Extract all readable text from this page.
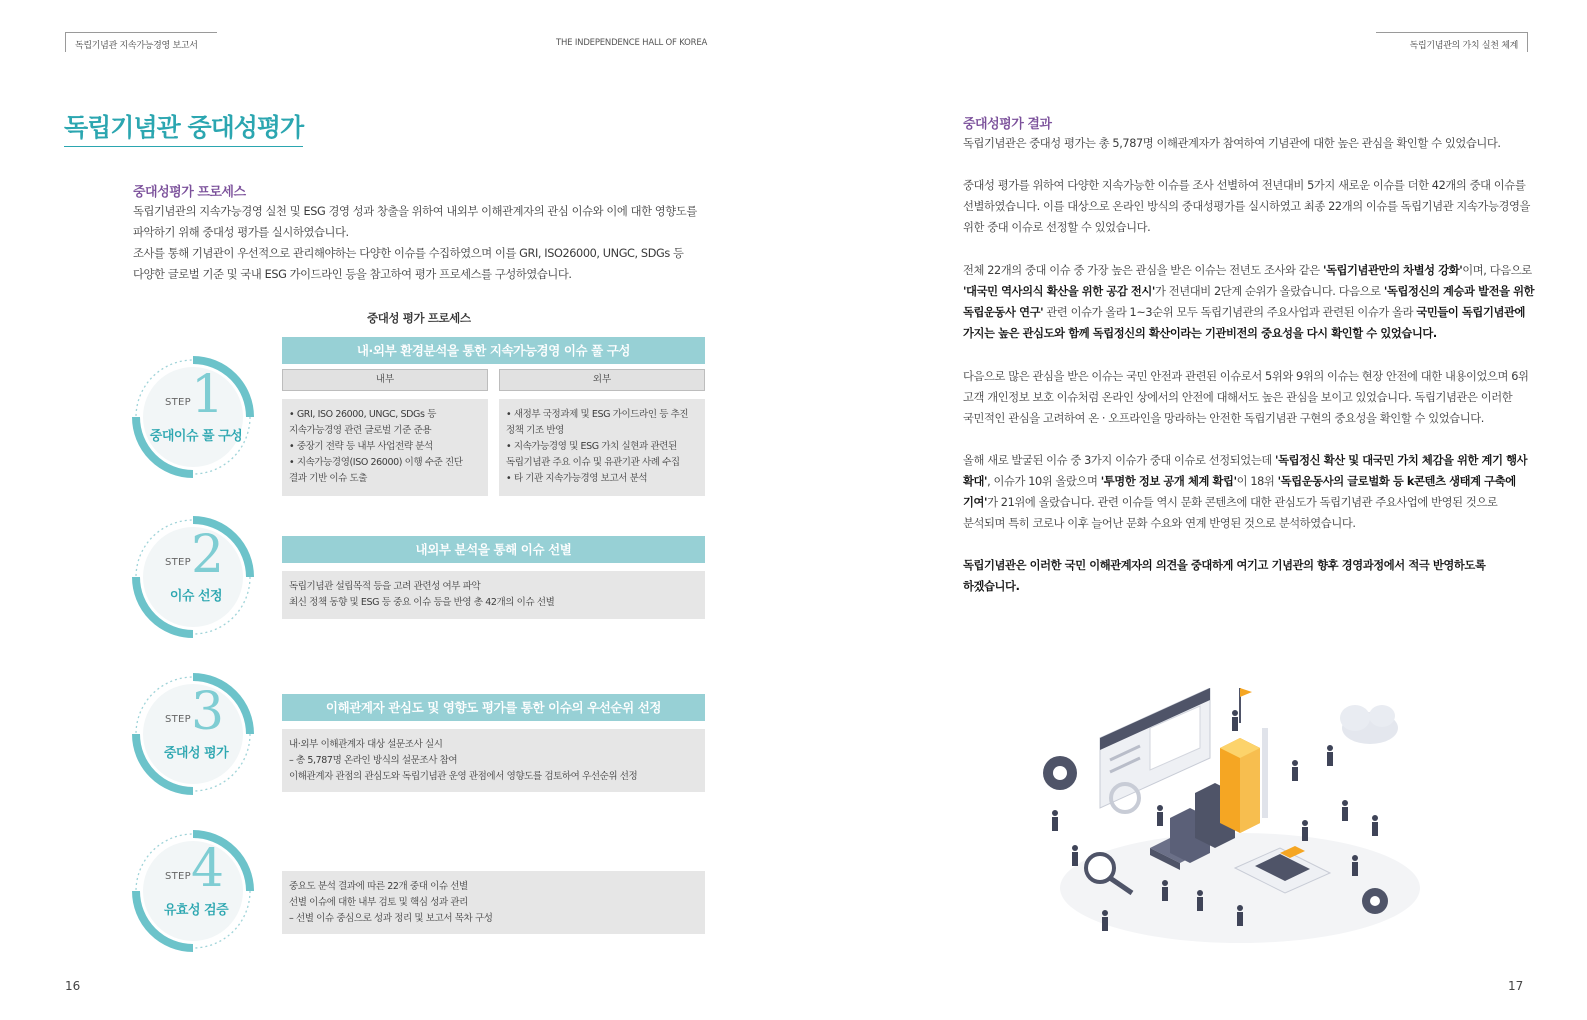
독립기념관 지속가능경영 보고서	THE INDEPENDENCE HALL OF KOREA	독립기념관의 가치 실천 체계
독립기념관 중대성평가
중대성평가 프로세스
독립기념관의 지속가능경영 실천 및 ESG 경영 성과 창출을 위하여 내외부 이해관계자의 관심 이슈와 이에 대한 영향도를
파악하기 위해 중대성 평가를 실시하였습니다.
조사를 통해 기념관이 우선적으로 관리해야하는 다양한 이슈를 수집하였으며 이를 GRI, ISO26000, UNGC, SDGs 등
다양한 글로벌 기준 및 국내 ESG 가이드라인 등을 참고하여 평가 프로세스를 구성하였습니다.
중대성 평가 프로세스
STEP 1
중대이슈 풀 구성
내·외부 환경분석을 통한 지속가능경영 이슈 풀 구성
내부	외부
• GRI, ISO 26000, UNGC, SDGs 등
지속가능경영 관련 글로벌 기준 준용
• 중장기 전략 등 내부 사업전략 분석
• 지속가능경영(ISO 26000) 이행 수준 진단
결과 기반 이슈 도출
• 새정부 국정과제 및 ESG 가이드라인 등 추진
정책 기조 반영
• 지속가능경영 및 ESG 가치 실현과 관련된
독립기념관 주요 이슈 및 유관기관 사례 수집
• 타 기관 지속가능경영 보고서 분석
STEP 2
이슈 선정
내외부 분석을 통해 이슈 선별
독립기념관 설립목적 등을 고려 관련성 여부 파악
최신 정책 동향 및 ESG 등 중요 이슈 등을 반영 총 42개의 이슈 선별
STEP 3
중대성 평가
이해관계자 관심도 및 영향도 평가를 통한 이슈의 우선순위 선정
내·외부 이해관계자 대상 설문조사 실시
– 총 5,787명 온라인 방식의 설문조사 참여
이해관계자 관점의 관심도와 독립기념관 운영 관점에서 영향도를 검토하여 우선순위 선정
STEP 4
유효성 검증
중요도 분석 결과에 따른 22개 중대 이슈 선별
선별 이슈에 대한 내부 검토 및 핵심 성과 관리
– 선별 이슈 중심으로 성과 정리 및 보고서 목차 구성
16
중대성평가 결과
독립기념관은 중대성 평가는 총 5,787명 이해관계자가 참여하여 기념관에 대한 높은 관심을 확인할 수 있었습니다.
중대성 평가를 위하여 다양한 지속가능한 이슈를 조사 선별하여 전년대비 5가지 새로운 이슈를 더한 42개의 중대 이슈를
선별하였습니다. 이를 대상으로 온라인 방식의 중대성평가를 실시하였고 최종 22개의 이슈를 독립기념관 지속가능경영을
위한 중대 이슈로 선정할 수 있었습니다.
전체 22개의 중대 이슈 중 가장 높은 관심을 받은 이슈는 전년도 조사와 같은 '독립기념관만의 차별성 강화'이며, 다음으로
'대국민 역사의식 확산을 위한 공감 전시'가 전년대비 2단계 순위가 올랐습니다. 다음으로 '독립정신의 계승과 발전을 위한
독립운동사 연구' 관련 이슈가 올라 1~3순위 모두 독립기념관의 주요사업과 관련된 이슈가 올라 국민들이 독립기념관에
가지는 높은 관심도와 함께 독립정신의 확산이라는 기관비전의 중요성을 다시 확인할 수 있었습니다.
다음으로 많은 관심을 받은 이슈는 국민 안전과 관련된 이슈로서 5위와 9위의 이슈는 현장 안전에 대한 내용이었으며 6위
고객 개인정보 보호 이슈처럼 온라인 상에서의 안전에 대해서도 높은 관심을 보이고 있었습니다. 독립기념관은 이러한
국민적인 관심을 고려하여 온 · 오프라인을 망라하는 안전한 독립기념관 구현의 중요성을 확인할 수 있었습니다.
올해 새로 발굴된 이슈 중 3가지 이슈가 중대 이슈로 선정되었는데 '독립정신 확산 및 대국민 가치 체감을 위한 계기 행사
확대', 이슈가 10위 올랐으며 '투명한 정보 공개 체계 확립'이 18위 '독립운동사의 글로벌화 등 k콘텐츠 생태계 구축에
기여'가 21위에 올랐습니다. 관련 이슈들 역시 문화 콘텐츠에 대한 관심도가 독립기념관 주요사업에 반영된 것으로
분석되며 특히 코로나 이후 늘어난 문화 수요와 연계 반영된 것으로 분석하였습니다.
독립기념관은 이러한 국민 이해관계자의 의견을 중대하게 여기고 기념관의 향후 경영과정에서 적극 반영하도록
하겠습니다.
17
